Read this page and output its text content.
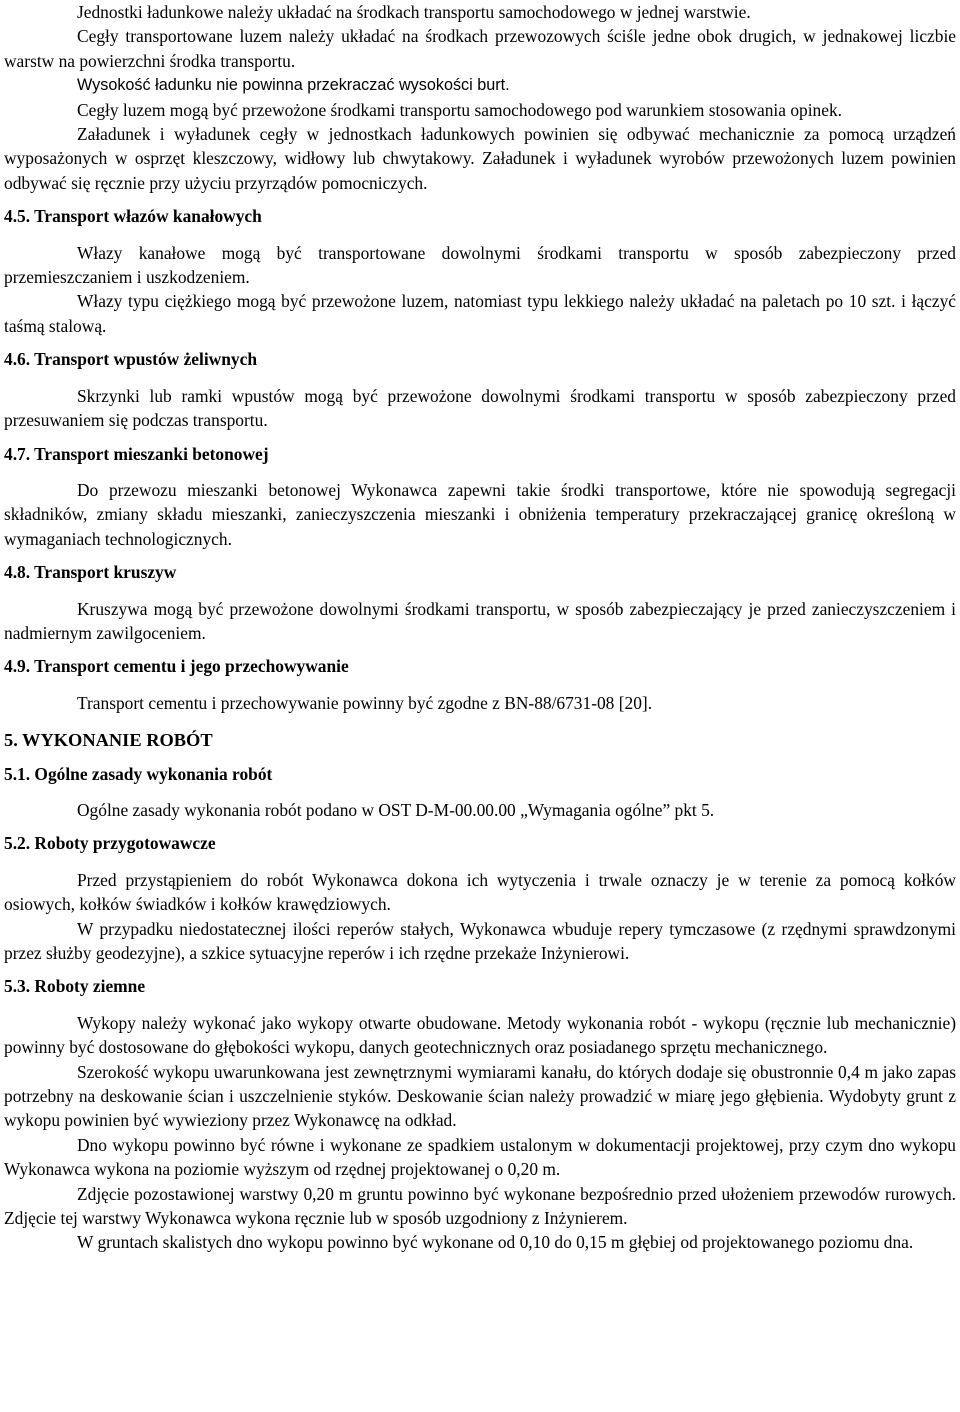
Jednostki ładunkowe należy układać na środkach transportu samochodowego w jednej warstwie.

Cegły transportowane luzem należy układać na środkach przewozowych ściśle jedne obok drugich, w jednakowej liczbie warstw na powierzchni środka transportu.

Wysokość ładunku nie powinna przekraczać wysokości burt.

Cegły luzem mogą być przewożone środkami transportu samochodowego pod warunkiem stosowania opinek.

Załadunek i wyładunek cegły w jednostkach ładunkowych powinien się odbywać mechanicznie za pomocą urządzeń wyposażonych w osprzęt kleszczowy, widłowy lub chwytakowy. Załadunek i wyładunek wyrobów przewożonych luzem powinien odbywać się ręcznie przy użyciu przyrządów pomocniczych.

4.5. Transport włazów kanałowych

Włazy kanałowe mogą być transportowane dowolnymi środkami transportu w sposób zabezpieczony przed przemieszczaniem i uszkodzeniem.

Włazy typu ciężkiego mogą być przewożone luzem, natomiast typu lekkiego należy układać na paletach po 10 szt. i łączyć taśmą stalową.

4.6. Transport wpustów żeliwnych

Skrzynki lub ramki wpustów mogą być przewożone dowolnymi środkami transportu w sposób zabezpieczony przed przesuwaniem się podczas transportu.

4.7. Transport mieszanki betonowej

Do przewozu mieszanki betonowej Wykonawca zapewni takie środki transportowe, które nie spowodują segregacji składników, zmiany składu mieszanki, zanieczyszczenia mieszanki i obniżenia temperatury przekraczającej granicę określoną w wymaganiach technologicznych.

4.8. Transport kruszyw

Kruszywa mogą być przewożone dowolnymi środkami transportu, w sposób zabezpieczający je przed zanieczyszczeniem i nadmiernym zawilgoceniem.

4.9. Transport cementu i jego przechowywanie

Transport cementu i przechowywanie powinny być zgodne z BN-88/6731-08 [20].

5. WYKONANIE ROBÓT
5.1. Ogólne zasady wykonania robót

Ogólne zasady wykonania robót podano w OST D-M-00.00.00 „Wymagania ogólne” pkt 5.

5.2. Roboty przygotowawcze

Przed przystąpieniem do robót Wykonawca dokona ich wytyczenia i trwale oznaczy je w terenie za pomocą kołków osiowych, kołków świadków i kołków krawędziowych.

W przypadku niedostatecznej ilości reperów stałych, Wykonawca wbuduje repery tymczasowe (z rzędnymi sprawdzonymi przez służby geodezyjne), a szkice sytuacyjne reperów i ich rzędne przekaże Inżynierowi.

5.3. Roboty ziemne

Wykopy należy wykonać jako wykopy otwarte obudowane. Metody wykonania robót - wykopu (ręcznie lub mechanicznie) powinny być dostosowane do głębokości wykopu, danych geotechnicznych oraz posiadanego sprzętu mechanicznego.

Szerokość wykopu uwarunkowana jest zewnętrznymi wymiarami kanału, do których dodaje się obustronnie 0,4 m jako zapas potrzebny na deskowanie ścian i uszczelnienie styków. Deskowanie ścian należy prowadzić w miarę jego głębienia. Wydobyty grunt z wykopu powinien być wywieziony przez Wykonawcę na odkład.

Dno wykopu powinno być równe i wykonane ze spadkiem ustalonym w dokumentacji projektowej, przy czym dno wykopu Wykonawca wykona na poziomie wyższym od rzędnej projektowanej o 0,20 m.

Zdjęcie pozostawionej warstwy 0,20 m gruntu powinno być wykonane bezpośrednio przed ułożeniem przewodów rurowych. Zdjęcie tej warstwy Wykonawca wykona ręcznie lub w sposób uzgodniony z Inżynierem.

W gruntach skalistych dno wykopu powinno być wykonane od 0,10 do 0,15 m głębiej od projektowanego poziomu dna.
